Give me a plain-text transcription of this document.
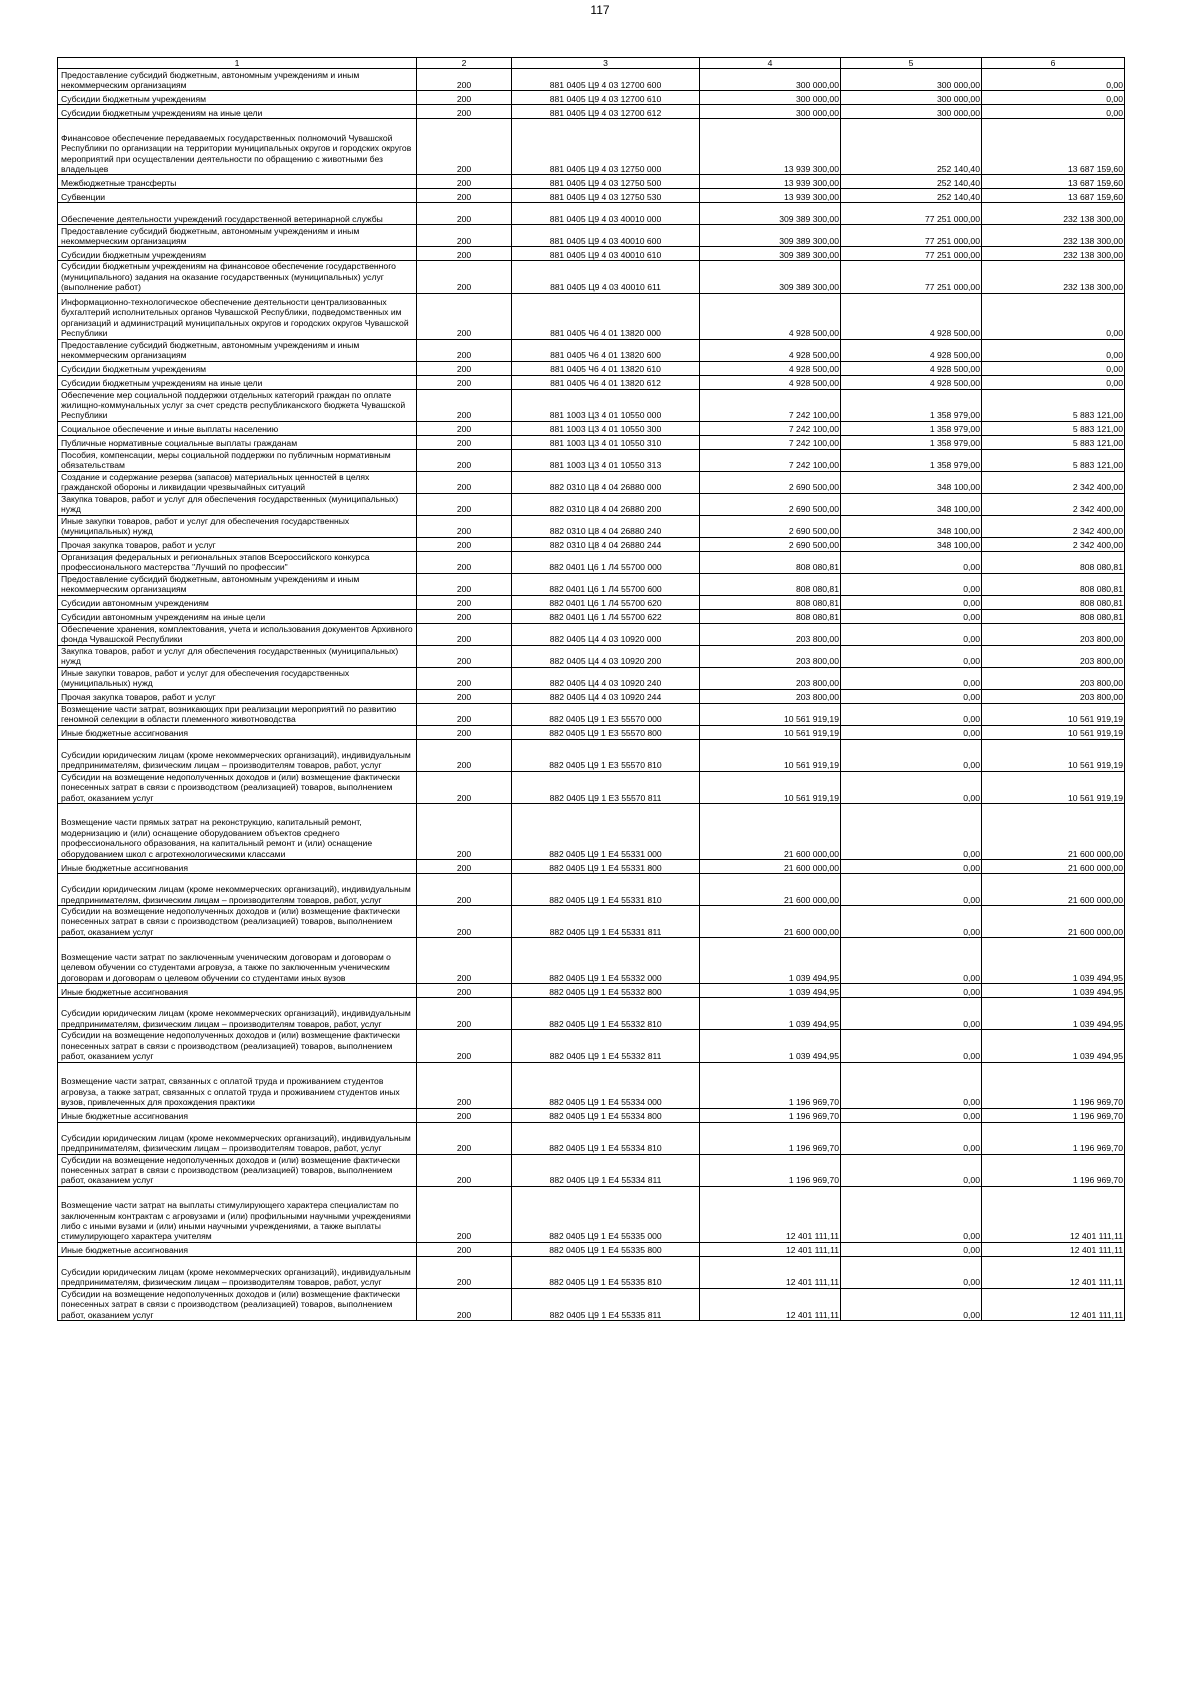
117
1	2	3	4	5	6
Предоставление субсидий бюджетным, автономным учреждениям и иным некоммерческим организациям	200	881 0405 Ц9 4 03 12700 600	300 000,00	300 000,00	0,00
Субсидии бюджетным учреждениям	200	881 0405 Ц9 4 03 12700 610	300 000,00	300 000,00	0,00
Субсидии бюджетным учреждениям на иные цели	200	881 0405 Ц9 4 03 12700 612	300 000,00	300 000,00	0,00
Финансовое обеспечение передаваемых государственных полномочий Чувашской Республики по организации на территории муниципальных округов и городских округов мероприятий при осуществлении деятельности по обращению с животными без владельцев	200	881 0405 Ц9 4 03 12750 000	13 939 300,00	252 140,40	13 687 159,60
Межбюджетные трансферты	200	881 0405 Ц9 4 03 12750 500	13 939 300,00	252 140,40	13 687 159,60
Субвенции	200	881 0405 Ц9 4 03 12750 530	13 939 300,00	252 140,40	13 687 159,60
Обеспечение деятельности учреждений государственной ветеринарной службы	200	881 0405 Ц9 4 03 40010 000	309 389 300,00	77 251 000,00	232 138 300,00
Предоставление субсидий бюджетным, автономным учреждениям и иным некоммерческим организациям	200	881 0405 Ц9 4 03 40010 600	309 389 300,00	77 251 000,00	232 138 300,00
Субсидии бюджетным учреждениям	200	881 0405 Ц9 4 03 40010 610	309 389 300,00	77 251 000,00	232 138 300,00
Субсидии бюджетным учреждениям на финансовое обеспечение государственного (муниципального) задания на оказание государственных (муниципальных) услуг (выполнение работ)	200	881 0405 Ц9 4 03 40010 611	309 389 300,00	77 251 000,00	232 138 300,00
Информационно-технологическое обеспечение деятельности централизованных бухгалтерий исполнительных органов Чувашской Республики, подведомственных им организаций и администраций муниципальных округов и городских округов Чувашской Республики	200	881 0405 Ч6 4 01 13820 000	4 928 500,00	4 928 500,00	0,00
Предоставление субсидий бюджетным, автономным учреждениям и иным некоммерческим организациям	200	881 0405 Ч6 4 01 13820 600	4 928 500,00	4 928 500,00	0,00
Субсидии бюджетным учреждениям	200	881 0405 Ч6 4 01 13820 610	4 928 500,00	4 928 500,00	0,00
Субсидии бюджетным учреждениям на иные цели	200	881 0405 Ч6 4 01 13820 612	4 928 500,00	4 928 500,00	0,00
Обеспечение мер социальной поддержки отдельных категорий граждан по оплате жилищно-коммунальных услуг за счет средств республиканского бюджета Чувашской Республики	200	881 1003 Ц3 4 01 10550 000	7 242 100,00	1 358 979,00	5 883 121,00
Социальное обеспечение и иные выплаты населению	200	881 1003 Ц3 4 01 10550 300	7 242 100,00	1 358 979,00	5 883 121,00
Публичные нормативные социальные выплаты гражданам	200	881 1003 Ц3 4 01 10550 310	7 242 100,00	1 358 979,00	5 883 121,00
Пособия, компенсации, меры социальной поддержки по публичным нормативным обязательствам	200	881 1003 Ц3 4 01 10550 313	7 242 100,00	1 358 979,00	5 883 121,00
Создание и содержание резерва (запасов) материальных ценностей в целях гражданской обороны и ликвидации чрезвычайных ситуаций	200	882 0310 Ц8 4 04 26880 000	2 690 500,00	348 100,00	2 342 400,00
Закупка товаров, работ и услуг для обеспечения государственных (муниципальных) нужд	200	882 0310 Ц8 4 04 26880 200	2 690 500,00	348 100,00	2 342 400,00
Иные закупки товаров, работ и услуг для обеспечения государственных (муниципальных) нужд	200	882 0310 Ц8 4 04 26880 240	2 690 500,00	348 100,00	2 342 400,00
Прочая закупка товаров, работ и услуг	200	882 0310 Ц8 4 04 26880 244	2 690 500,00	348 100,00	2 342 400,00
Организация федеральных и региональных этапов Всероссийского конкурса профессионального мастерства "Лучший по профессии"	200	882 0401 Ц6 1 Л4 55700 000	808 080,81	0,00	808 080,81
Предоставление субсидий бюджетным, автономным учреждениям и иным некоммерческим организациям	200	882 0401 Ц6 1 Л4 55700 600	808 080,81	0,00	808 080,81
Субсидии автономным учреждениям	200	882 0401 Ц6 1 Л4 55700 620	808 080,81	0,00	808 080,81
Субсидии автономным учреждениям на иные цели	200	882 0401 Ц6 1 Л4 55700 622	808 080,81	0,00	808 080,81
Обеспечение хранения, комплектования, учета и использования документов Архивного фонда Чувашской Республики	200	882 0405 Ц4 4 03 10920 000	203 800,00	0,00	203 800,00
Закупка товаров, работ и услуг для обеспечения государственных (муниципальных) нужд	200	882 0405 Ц4 4 03 10920 200	203 800,00	0,00	203 800,00
Иные закупки товаров, работ и услуг для обеспечения государственных (муниципальных) нужд	200	882 0405 Ц4 4 03 10920 240	203 800,00	0,00	203 800,00
Прочая закупка товаров, работ и услуг	200	882 0405 Ц4 4 03 10920 244	203 800,00	0,00	203 800,00
Возмещение части затрат, возникающих при реализации мероприятий по развитию геномной селекции в области племенного животноводства	200	882 0405 Ц9 1 Е3 55570 000	10 561 919,19	0,00	10 561 919,19
Иные бюджетные ассигнования	200	882 0405 Ц9 1 Е3 55570 800	10 561 919,19	0,00	10 561 919,19
Субсидии юридическим лицам (кроме некоммерческих организаций), индивидуальным предпринимателям, физическим лицам – производителям товаров, работ, услуг	200	882 0405 Ц9 1 Е3 55570 810	10 561 919,19	0,00	10 561 919,19
Субсидии на возмещение недополученных доходов и (или) возмещение фактически понесенных затрат в связи с производством (реализацией) товаров, выполнением работ, оказанием услуг	200	882 0405 Ц9 1 Е3 55570 811	10 561 919,19	0,00	10 561 919,19
Возмещение части прямых затрат на реконструкцию, капитальный ремонт, модернизацию и (или) оснащение оборудованием объектов среднего профессионального образования, на капитальный ремонт и (или) оснащение оборудованием школ с агротехнологическими классами	200	882 0405 Ц9 1 Е4 55331 000	21 600 000,00	0,00	21 600 000,00
Иные бюджетные ассигнования	200	882 0405 Ц9 1 Е4 55331 800	21 600 000,00	0,00	21 600 000,00
Субсидии юридическим лицам (кроме некоммерческих организаций), индивидуальным предпринимателям, физическим лицам – производителям товаров, работ, услуг	200	882 0405 Ц9 1 Е4 55331 810	21 600 000,00	0,00	21 600 000,00
Субсидии на возмещение недополученных доходов и (или) возмещение фактически понесенных затрат в связи с производством (реализацией) товаров, выполнением работ, оказанием услуг	200	882 0405 Ц9 1 Е4 55331 811	21 600 000,00	0,00	21 600 000,00
Возмещение части затрат по заключенным ученическим договорам и договорам о целевом обучении со студентами агровуза, а также по заключенным ученическим договорам и договорам о целевом обучении со студентами иных вузов	200	882 0405 Ц9 1 Е4 55332 000	1 039 494,95	0,00	1 039 494,95
Иные бюджетные ассигнования	200	882 0405 Ц9 1 Е4 55332 800	1 039 494,95	0,00	1 039 494,95
Субсидии юридическим лицам (кроме некоммерческих организаций), индивидуальным предпринимателям, физическим лицам – производителям товаров, работ, услуг	200	882 0405 Ц9 1 Е4 55332 810	1 039 494,95	0,00	1 039 494,95
Субсидии на возмещение недополученных доходов и (или) возмещение фактически понесенных затрат в связи с производством (реализацией) товаров, выполнением работ, оказанием услуг	200	882 0405 Ц9 1 Е4 55332 811	1 039 494,95	0,00	1 039 494,95
Возмещение части затрат, связанных с оплатой труда и проживанием студентов агровуза, а также затрат, связанных с оплатой труда и проживанием студентов иных вузов, привлеченных для прохождения практики	200	882 0405 Ц9 1 Е4 55334 000	1 196 969,70	0,00	1 196 969,70
Иные бюджетные ассигнования	200	882 0405 Ц9 1 Е4 55334 800	1 196 969,70	0,00	1 196 969,70
Субсидии юридическим лицам (кроме некоммерческих организаций), индивидуальным предпринимателям, физическим лицам – производителям товаров, работ, услуг	200	882 0405 Ц9 1 Е4 55334 810	1 196 969,70	0,00	1 196 969,70
Субсидии на возмещение недополученных доходов и (или) возмещение фактически понесенных затрат в связи с производством (реализацией) товаров, выполнением работ, оказанием услуг	200	882 0405 Ц9 1 Е4 55334 811	1 196 969,70	0,00	1 196 969,70
Возмещение части затрат на выплаты стимулирующего характера специалистам по заключенным контрактам с агровузами и (или) профильными научными учреждениями либо с иными вузами и (или) иными научными учреждениями, а также выплаты стимулирующего характера учителям	200	882 0405 Ц9 1 Е4 55335 000	12 401 111,11	0,00	12 401 111,11
Иные бюджетные ассигнования	200	882 0405 Ц9 1 Е4 55335 800	12 401 111,11	0,00	12 401 111,11
Субсидии юридическим лицам (кроме некоммерческих организаций), индивидуальным предпринимателям, физическим лицам – производителям товаров, работ, услуг	200	882 0405 Ц9 1 Е4 55335 810	12 401 111,11	0,00	12 401 111,11
Субсидии на возмещение недополученных доходов и (или) возмещение фактически понесенных затрат в связи с производством (реализацией) товаров, выполнением работ, оказанием услуг	200	882 0405 Ц9 1 Е4 55335 811	12 401 111,11	0,00	12 401 111,11
